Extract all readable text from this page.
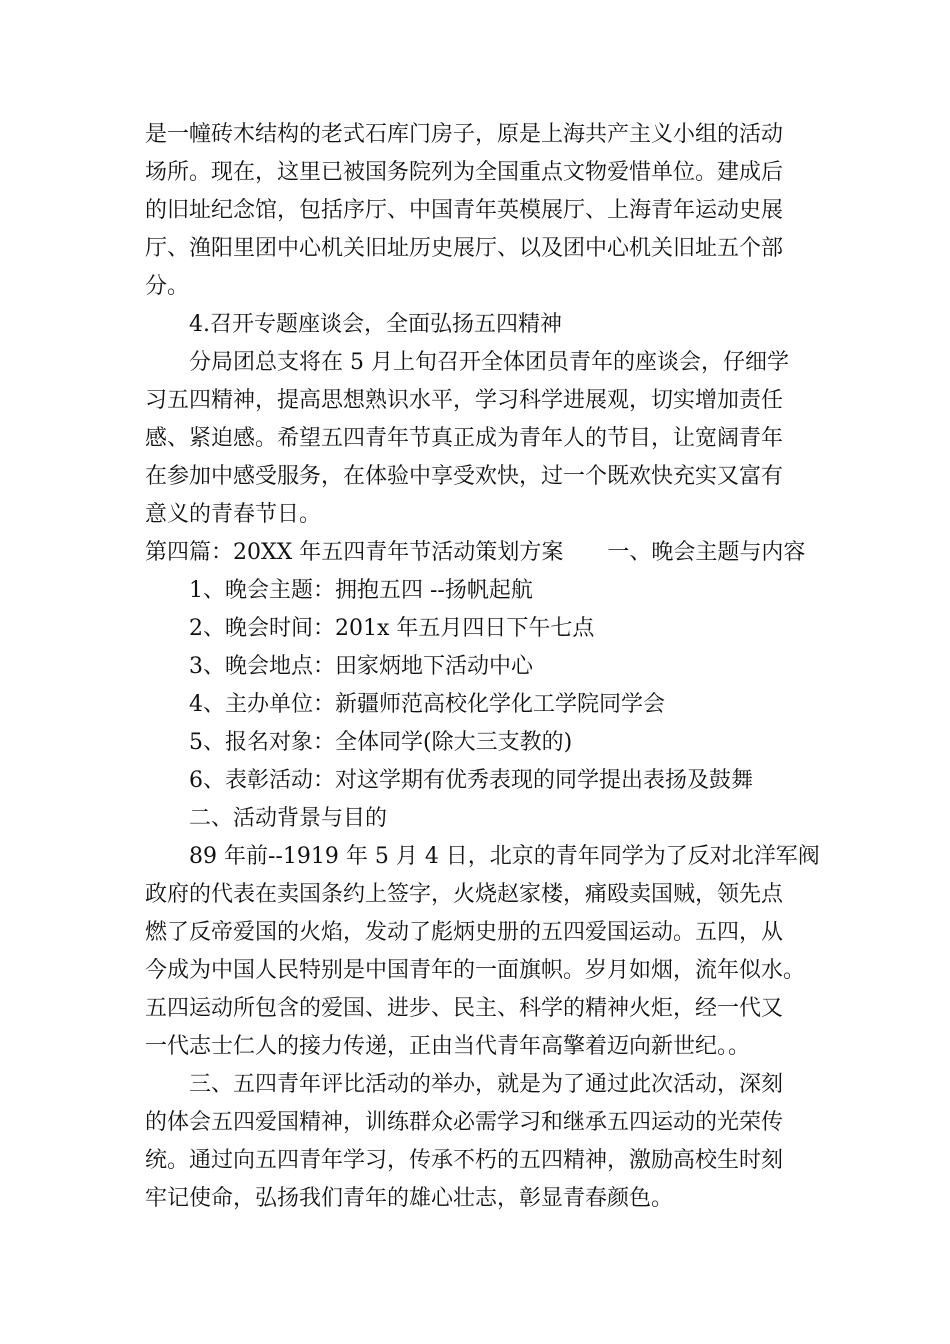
是一幢砖木结构的老式石库门房子，原是上海共产主义小组的活动
场所。现在，这里已被国务院列为全国重点文物爱惜单位。建成后
的旧址纪念馆，包括序厅、中国青年英模展厅、上海青年运动史展
厅、渔阳里团中心机关旧址历史展厅、以及团中心机关旧址五个部
分。
4.召开专题座谈会，全面弘扬五四精神
分局团总支将在 5 月上旬召开全体团员青年的座谈会，仔细学
习五四精神，提高思想熟识水平，学习科学进展观，切实增加责任
感、紧迫感。希望五四青年节真正成为青年人的节目，让宽阔青年
在参加中感受服务，在体验中享受欢快，过一个既欢快充实又富有
意义的青春节日。
第四篇：20XX 年五四青年节活动策划方案 一、晚会主题与内容
1、晚会主题：拥抱五四 --扬帆起航
2、晚会时间：201x 年五月四日下午七点
3、晚会地点：田家炳地下活动中心
4、主办单位：新疆师范高校化学化工学院同学会
5、报名对象：全体同学(除大三支教的)
6、表彰活动：对这学期有优秀表现的同学提出表扬及鼓舞
二、活动背景与目的
89 年前--1919 年 5 月 4 日，北京的青年同学为了反对北洋军阀
政府的代表在卖国条约上签字，火烧赵家楼，痛殴卖国贼，领先点
燃了反帝爱国的火焰，发动了彪炳史册的五四爱国运动。五四，从
今成为中国人民特别是中国青年的一面旗帜。岁月如烟，流年似水。
五四运动所包含的爱国、进步、民主、科学的精神火炬，经一代又
一代志士仁人的接力传递，正由当代青年高擎着迈向新世纪。。
三、五四青年评比活动的举办，就是为了通过此次活动，深刻
的体会五四爱国精神，训练群众必需学习和继承五四运动的光荣传
统。通过向五四青年学习，传承不朽的五四精神，激励高校生时刻
牢记使命，弘扬我们青年的雄心壮志，彰显青春颜色。
